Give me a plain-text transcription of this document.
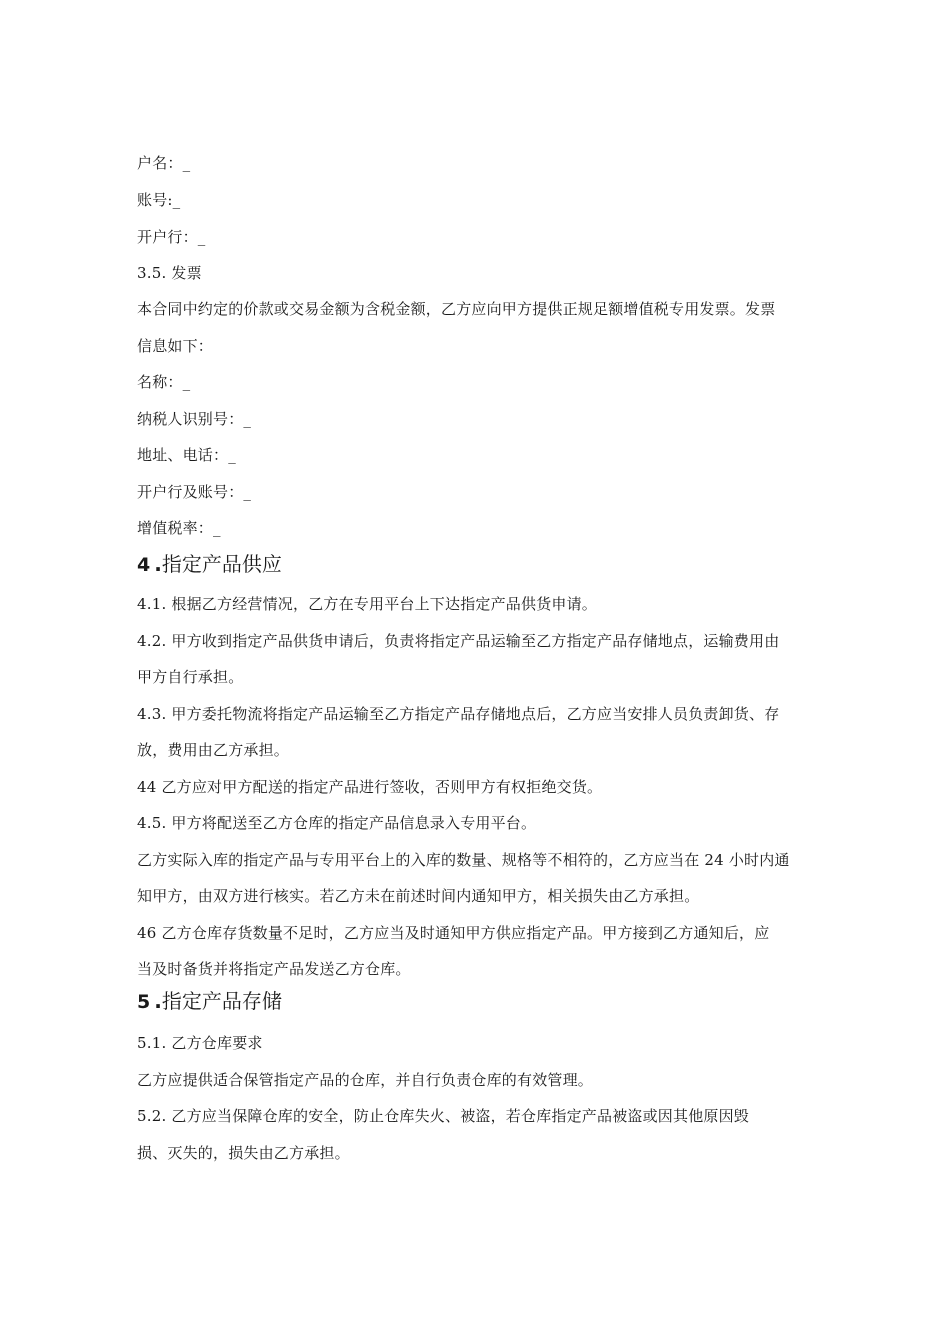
户名：_
账号:_
开户行：_
3.5. 发票
本合同中约定的价款或交易金额为含税金额，乙方应向甲方提供正规足额增值税专用发票。发票
信息如下：
名称：_
纳税人识别号：_
地址、电话：_
开户行及账号：_
增值税率：_
4 .指定产品供应
4.1. 根据乙方经营情况，乙方在专用平台上下达指定产品供货申请。
4.2. 甲方收到指定产品供货申请后，负责将指定产品运输至乙方指定产品存储地点，运输费用由
甲方自行承担。
4.3. 甲方委托物流将指定产品运输至乙方指定产品存储地点后，乙方应当安排人员负责卸货、存
放，费用由乙方承担。
44 乙方应对甲方配送的指定产品进行签收，否则甲方有权拒绝交货。
4.5. 甲方将配送至乙方仓库的指定产品信息录入专用平台。
乙方实际入库的指定产品与专用平台上的入库的数量、规格等不相符的，乙方应当在 24 小时内通
知甲方，由双方进行核实。若乙方未在前述时间内通知甲方，相关损失由乙方承担。
46 乙方仓库存货数量不足时，乙方应当及时通知甲方供应指定产品。甲方接到乙方通知后，应
当及时备货并将指定产品发送乙方仓库。
5 .指定产品存储
5.1. 乙方仓库要求
乙方应提供适合保管指定产品的仓库，并自行负责仓库的有效管理。
5.2. 乙方应当保障仓库的安全，防止仓库失火、被盗，若仓库指定产品被盗或因其他原因毁
损、灭失的，损失由乙方承担。
